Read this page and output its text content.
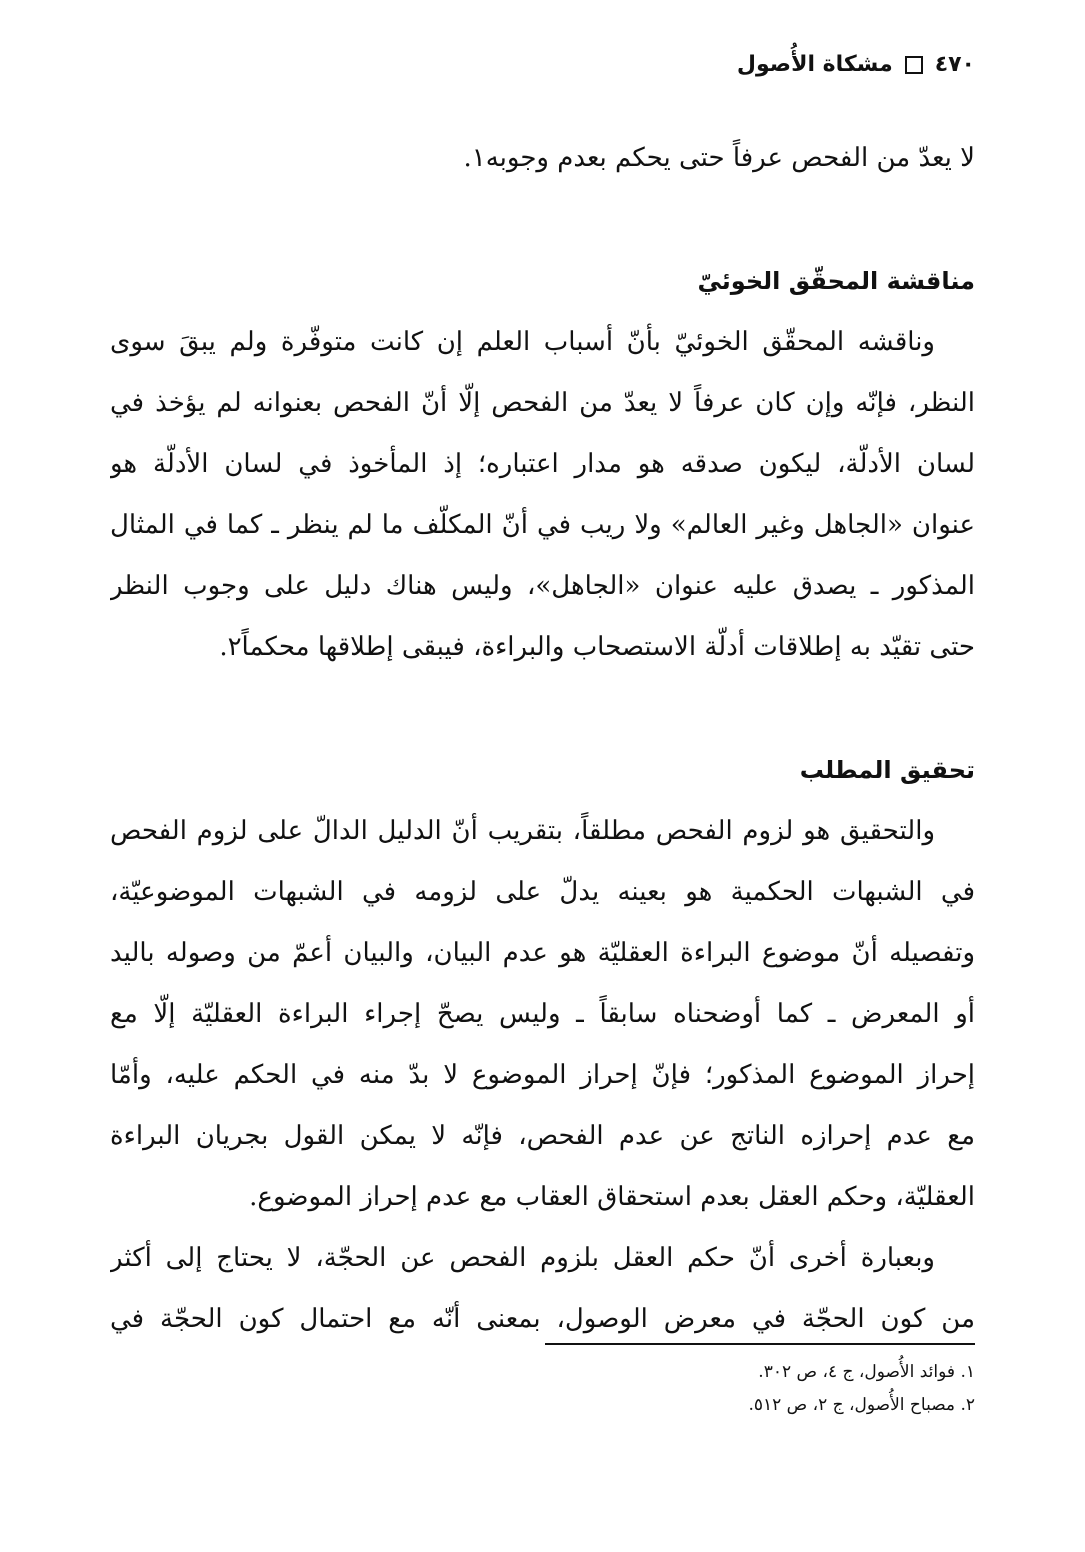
٤٧٠
مشكاة الأُصول
لا يعدّ من الفحص عرفاً حتى يحكم بعدم وجوبه١.
مناقشة المحقّق الخوئيّ
وناقشه المحقّق الخوئيّ بأنّ أسباب العلم إن كانت متوفّرة ولم يبقَ سوى
النظر، فإنّه وإن كان عرفاً لا يعدّ من الفحص إلّا أنّ الفحص بعنوانه لم يؤخذ في
لسان الأدلّة، ليكون صدقه هو مدار اعتباره؛ إذ المأخوذ في لسان الأدلّة هو
عنوان «الجاهل وغير العالم» ولا ريب في أنّ المكلّف ما لم ينظر ـ كما في المثال
المذكور ـ يصدق عليه عنوان «الجاهل»، وليس هناك دليل على وجوب النظر
حتى تقيّد به إطلاقات أدلّة الاستصحاب والبراءة، فيبقى إطلاقها محكماً٢.
تحقيق المطلب
والتحقيق هو لزوم الفحص مطلقاً، بتقريب أنّ الدليل الدالّ على لزوم الفحص
في الشبهات الحكمية هو بعينه يدلّ على لزومه في الشبهات الموضوعيّة،
وتفصيله أنّ موضوع البراءة العقليّة هو عدم البيان، والبيان أعمّ من وصوله باليد
أو المعرض ـ كما أوضحناه سابقاً ـ وليس يصحّ إجراء البراءة العقليّة إلّا مع
إحراز الموضوع المذكور؛ فإنّ إحراز الموضوع لا بدّ منه في الحكم عليه، وأمّا
مع عدم إحرازه الناتج عن عدم الفحص، فإنّه لا يمكن القول بجريان البراءة
العقليّة، وحكم العقل بعدم استحقاق العقاب مع عدم إحراز الموضوع.
وبعبارة أخرى أنّ حكم العقل بلزوم الفحص عن الحجّة، لا يحتاج إلى أكثر
من كون الحجّة في معرض الوصول، بمعنى أنّه مع احتمال كون الحجّة في
١. فوائد الأُصول، ج ٤، ص ٣٠٢.
٢. مصباح الأُصول، ج ٢، ص ٥١٢.
